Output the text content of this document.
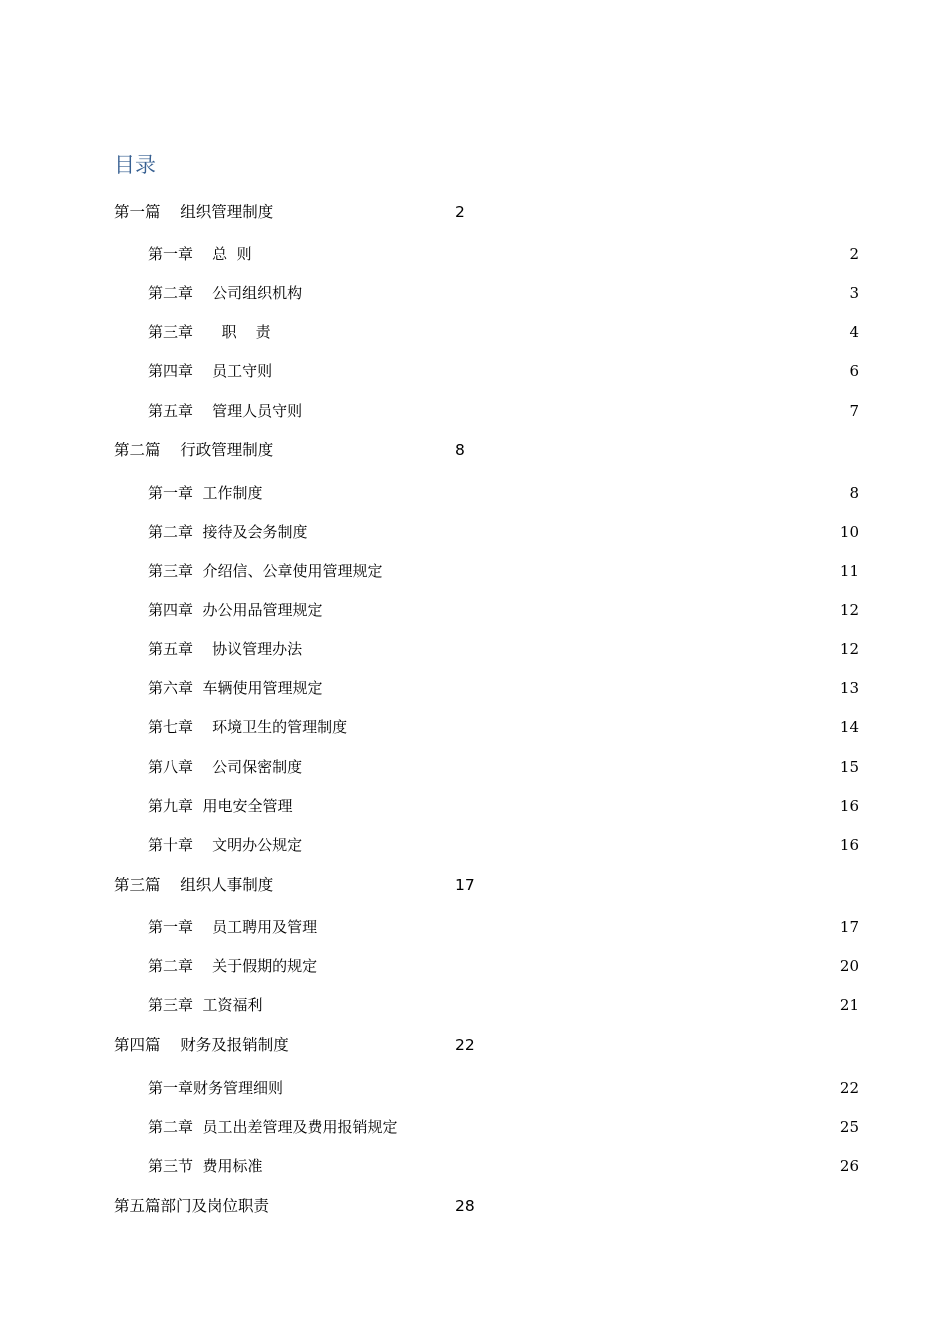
目录
第一篇    组织管理制度	2
第一章    总  则	2
第二章    公司组织机构	3
第三章      职    责	4
第四章    员工守则	6
第五章    管理人员守则	7
第二篇    行政管理制度	8
第一章  工作制度	8
第二章  接待及会务制度	10
第三章  介绍信、公章使用管理规定	11
第四章  办公用品管理规定	12
第五章    协议管理办法	12
第六章  车辆使用管理规定	13
第七章    环境卫生的管理制度	14
第八章    公司保密制度	15
第九章  用电安全管理	16
第十章    文明办公规定	16
第三篇    组织人事制度	17
第一章    员工聘用及管理	17
第二章    关于假期的规定	20
第三章  工资福利	21
第四篇    财务及报销制度	22
第一章财务管理细则	22
第二章  员工出差管理及费用报销规定	25
第三节  费用标准	26
第五篇部门及岗位职责	28
